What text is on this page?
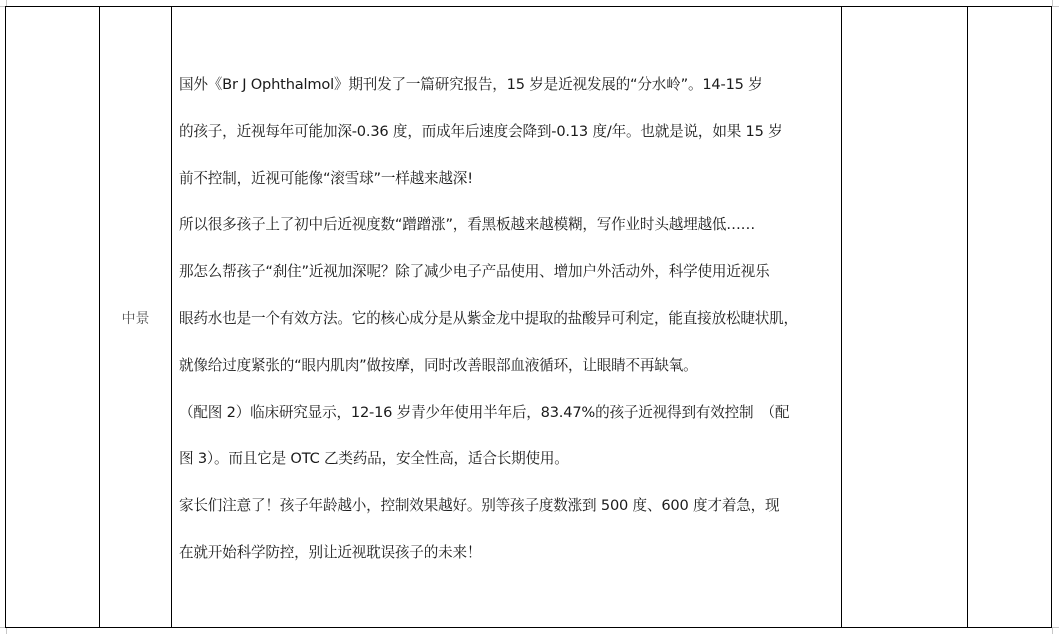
中景
国外《Br J Ophthalmol》期刊发了一篇研究报告，15 岁是近视发展的“分水岭”。14-15 岁
的孩子，近视每年可能加深-0.36 度，而成年后速度会降到-0.13 度/年。也就是说，如果 15 岁
前不控制，近视可能像“滚雪球”一样越来越深!
所以很多孩子上了初中后近视度数“蹭蹭涨”，看黑板越来越模糊，写作业时头越埋越低……
那怎么帮孩子“刹住”近视加深呢？除了减少电子产品使用、增加户外活动外，科学使用近视乐
眼药水也是一个有效方法。它的核心成分是从紫金龙中提取的盐酸异可利定，能直接放松睫状肌，
就像给过度紧张的“眼内肌肉”做按摩，同时改善眼部血液循环，让眼睛不再缺氧。
（配图 2）临床研究显示，12-16 岁青少年使用半年后，83.47%的孩子近视得到有效控制　（配
图 3）。而且它是 OTC 乙类药品，安全性高，适合长期使用。
家长们注意了！孩子年龄越小，控制效果越好。别等孩子度数涨到 500 度、600 度才着急，现
在就开始科学防控，别让近视耽误孩子的未来！
